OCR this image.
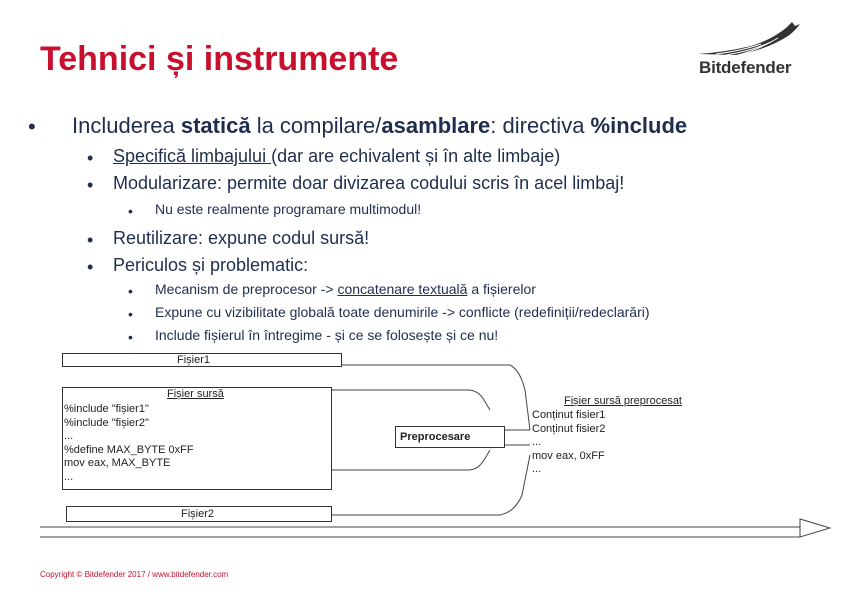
Tehnici și instrumente	Bitdefender
• Includerea statică la compilare/asamblare: directiva %include
• Specifică limbajului (dar are echivalent și în alte limbaje)
• Modularizare: permite doar divizarea codului scris în acel limbaj!
• Nu este realmente programare multimodul!
• Reutilizare: expune codul sursă!
• Periculos și problematic:
• Mecanism de preprocesor -> concatenare textuală a fișierelor
• Expune cu vizibilitate globală toate denumirile -> conflicte (redefiniții/redeclarări)
• Include fișierul în întregime - și ce se folosește și ce nu!
Fișier1
Fișier sursă
%include "fișier1"
%include "fișier2"
...
%define MAX_BYTE 0xFF
mov eax, MAX_BYTE
...
Preprocesare
Fișier sursă preprocesat
Conținut fisier1
Conținut fisier2
...
mov eax, 0xFF
...
Fișier2
Copyright © Bitdefender 2017 / www.bitdefender.com
